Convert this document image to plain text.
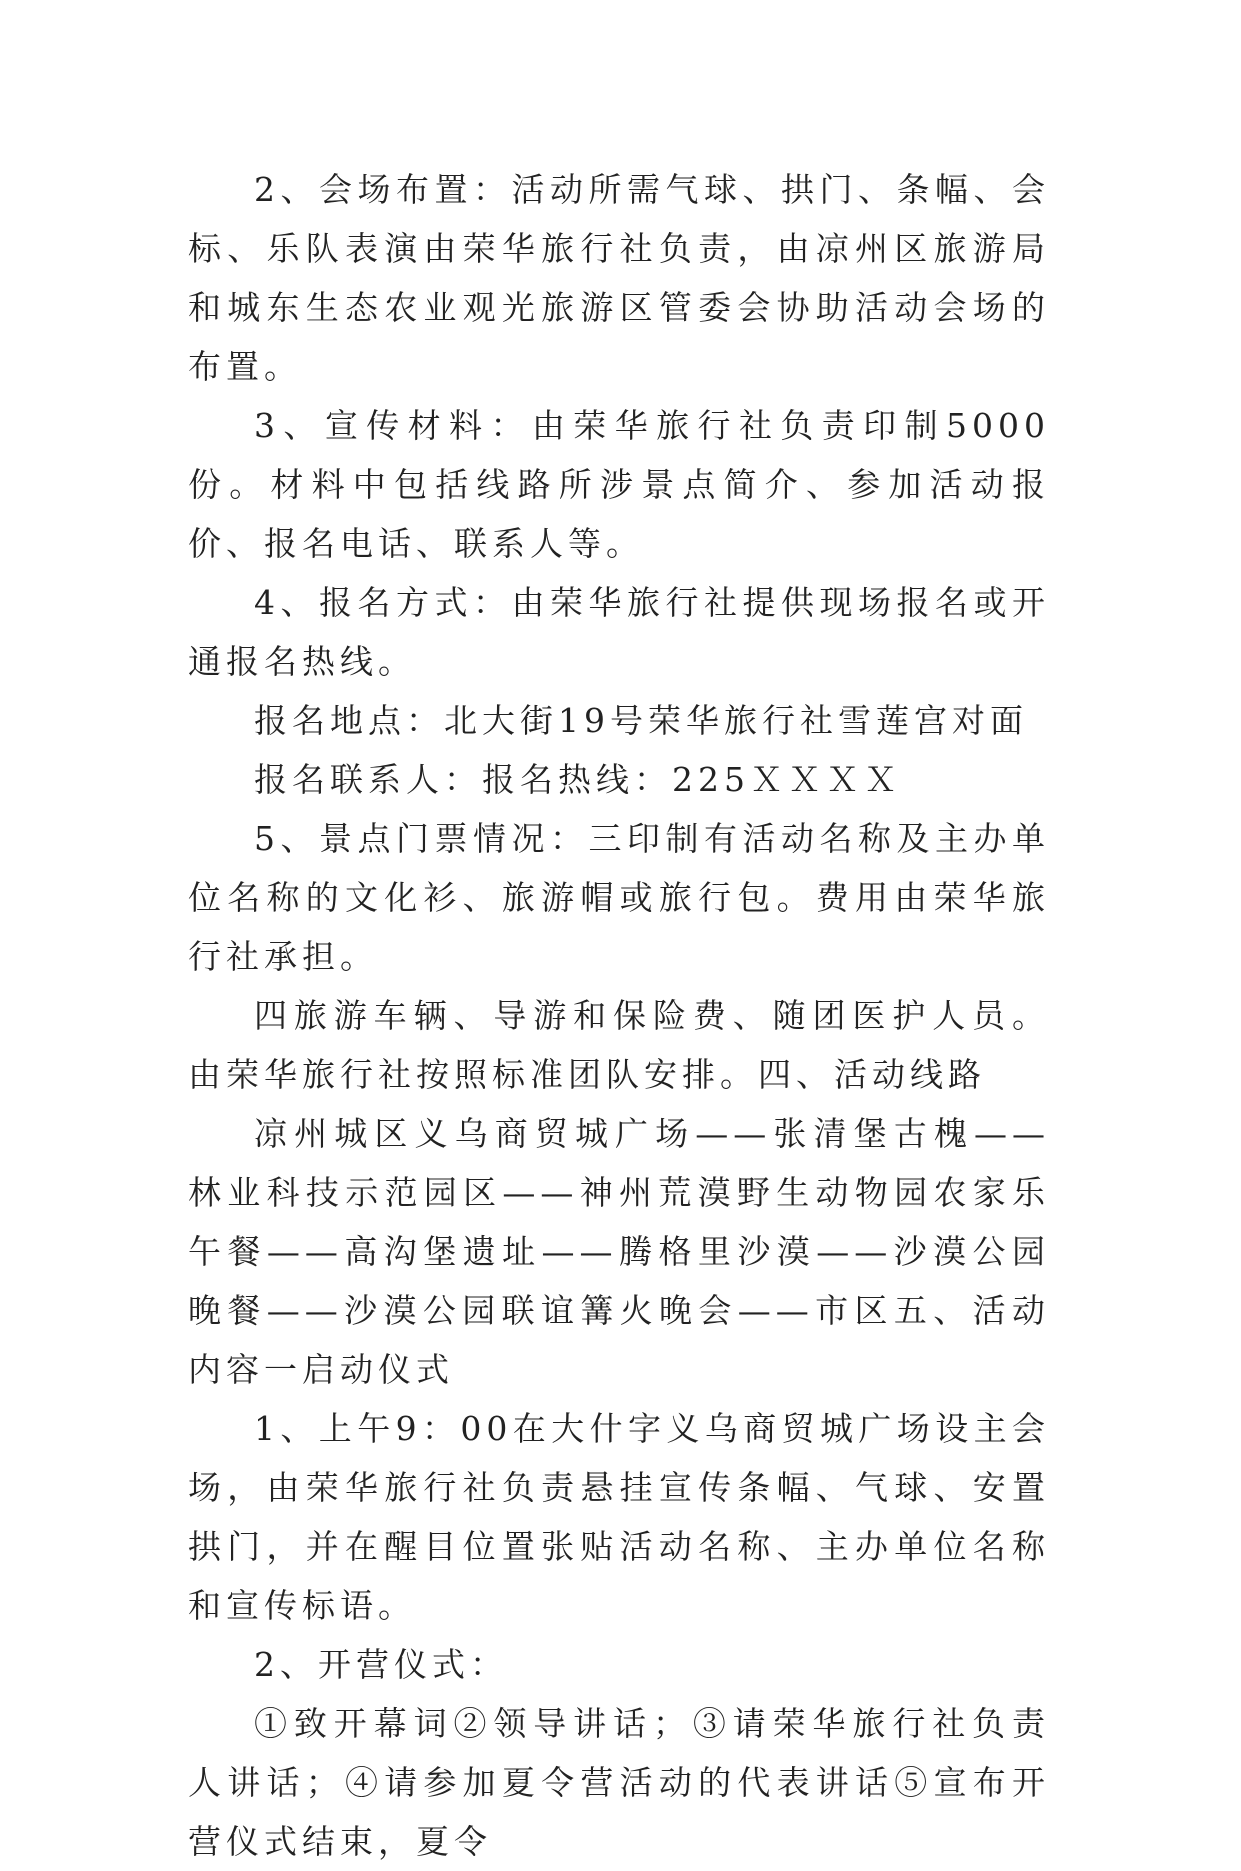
2、会场布置：活动所需气球、拱门、条幅、会标、乐队表演由荣华旅行社负责，由凉州区旅游局和城东生态农业观光旅游区管委会协助活动会场的布置。

3、宣传材料：由荣华旅行社负责印制5000份。材料中包括线路所涉景点简介、参加活动报价、报名电话、联系人等。

4、报名方式：由荣华旅行社提供现场报名或开通报名热线。

报名地点：北大街19号荣华旅行社雪莲宫对面

报名联系人：报名热线：225ＸＸＸＸ

5、景点门票情况：三印制有活动名称及主办单位名称的文化衫、旅游帽或旅行包。费用由荣华旅行社承担。

四旅游车辆、导游和保险费、随团医护人员。由荣华旅行社按照标准团队安排。四、活动线路

凉州城区义乌商贸城广场——张清堡古槐——林业科技示范园区——神州荒漠野生动物园农家乐午餐——高沟堡遗址——腾格里沙漠——沙漠公园晚餐——沙漠公园联谊篝火晚会——市区五、活动内容一启动仪式

1、上午9：00在大什字义乌商贸城广场设主会场，由荣华旅行社负责悬挂宣传条幅、气球、安置拱门，并在醒目位置张贴活动名称、主办单位名称和宣传标语。

2、开营仪式：

①致开幕词②领导讲话；③请荣华旅行社负责人讲话；④请参加夏令营活动的代表讲话⑤宣布开营仪式结束，夏令
